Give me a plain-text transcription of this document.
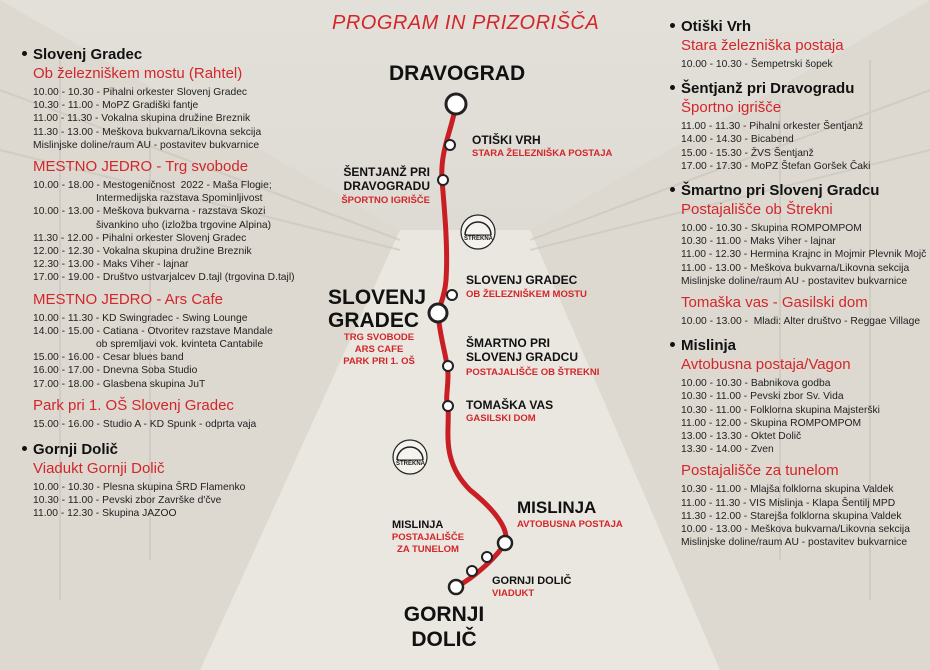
PROGRAM IN PRIZORIŠČA
Slovenj Gradec
Ob železniškem mostu (Rahtel)
10.00 - 10.30 - Pihalni orkester Slovenj Gradec
10.30 - 11.00 - MoPZ Gradiški fantje
11.00 - 11.30 - Vokalna skupina družine Breznik
11.30 - 13.00 - Meškova bukvarna/Likovna sekcija
Mislinjske doline/raum AU - postavitev bukvarnice
MESTNO JEDRO - Trg svobode
10.00 - 18.00 - Mestogenično​st  2022 - Maša Flogie;
Intermedijska razstava Spominljivost
10.00 - 13.00 - Meškova bukvarna - razstava Skozi
šivankino uho (izložba trgovine Alpina)
11.30 - 12.00 - Pihalni orkester Slovenj Gradec
12.00 - 12.30 - Vokalna skupina družine Breznik
12.30 - 13.00 - Maks Viher - lajnar
17.00 - 19.00 - Društvo ustvarjalcev D.tajl (trgovina D.tajl)
MESTNO JEDRO - Ars Cafe
10.00 - 11.30 - KD Swingradec - Swing Lounge
14.00 - 15.00 - Catiana - Otvoritev razstave Mandale
ob spremljavi vok. kvinteta Cantabile
15.00 - 16.00 - Cesar blues band
16.00 - 17.00 - Dnevna Soba Studio
17.00 - 18.00 - Glasbena skupina JuT
Park pri 1. OŠ Slovenj Gradec
15.00 - 16.00 - Studio A - KD Spunk - odprta vaja
Gornji Dolič
Viadukt Gornji Dolič
10.00 - 10.30 - Plesna skupina ŠRD Flamenko
10.30 - 11.00 - Pevski zbor Završke d'čve
11.00 - 12.30 - Skupina JAZOO
Otiški Vrh
Stara železniška postaja
10.00 - 10.30 - Šempetrski šopek
Šentjanž pri Dravogradu
Športno igrišče
11.00 - 11.30 - Pihalni orkester Šentjanž
14.00 - 14.30 - Bicabend
15.00 - 15.30 - ŽVS Šentjanž
17.00 - 17.30 - MoPZ Štefan Goršek Čaki
Šmartno pri Slovenj Gradcu
Postajališče ob Štrekni
10.00 - 10.30 - Skupina ROMPOMPOM
10.30 - 11.00 - Maks Viher - lajnar
11.00 - 12.30 - Hermina Krajnc in Mojmir Plevnik Mojč
11.00 - 13.00 - Meškova bukvarna/Likovna sekcija
Mislinjske doline/raum AU - postavitev bukvarnice
Tomaška vas - Gasilski dom
10.00 - 13.00 -  Mladi: Alter društvo - Reggae Village
Mislinja
Avtobusna postaja/Vagon
10.00 - 10.30 - Babnikova godba
10.30 - 11.00 - Pevski zbor Sv. Vida
10.30 - 11.00 - Folklorna skupina Majsterški
11.00 - 12.00 - Skupina ROMPOMPOM
13.00 - 13.30 - Oktet Dolič
13.30 - 14.00 - Zven
Postajališče za tunelom
10.30 - 11.00 - Mlajša folklorna skupina Valdek
11.00 - 11.30 - VIS Mislinja - Klapa Šentilj MPD
11.30 - 12.00 - Starejša folklorna skupina Valdek
10.00 - 13.00 - Meškova bukvarna/Likovna sekcija
Mislinjske doline/raum AU - postavitev bukvarnice
ŠTREKNA
ŠTREKNA
DRAVOGRAD
OTIŠKI VRH
STARA ŽELEZNIŠKA POSTAJA
ŠENTJANŽ PRI
DRAVOGRADU
ŠPORTNO IGRIŠČE
SLOVENJ GRADEC
OB ŽELEZNIŠKEM MOSTU
SLOVENJ
GRADEC
TRG SVOBODE
ARS CAFE
PARK PRI 1. OŠ
ŠMARTNO PRI
SLOVENJ GRADCU
POSTAJALIŠČE OB ŠTREKNI
TOMAŠKA VAS
GASILSKI DOM
MISLINJA
AVTOBUSNA POSTAJA
MISLINJA
POSTAJALIŠČE
ZA TUNELOM
GORNJI DOLIČ
VIADUKT
GORNJI
DOLIČ
